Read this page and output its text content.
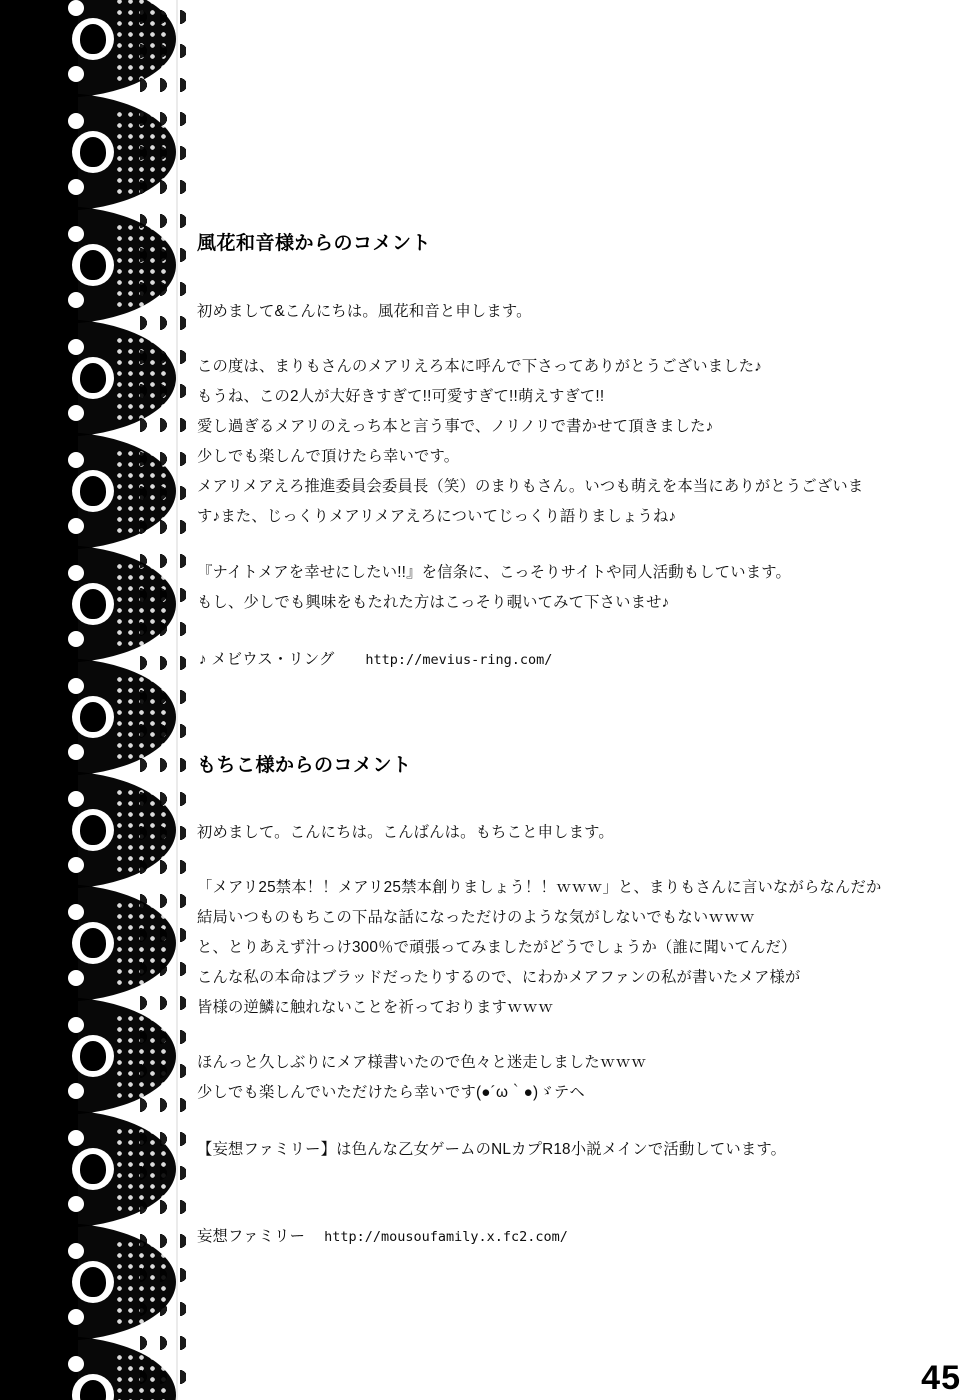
風花和音様からのコメント
初めまして&こんにちは。風花和音と申します。
この度は、まりもさんのメアリえろ本に呼んで下さってありがとうございました♪
もうね、この2人が大好きすぎて!!可愛すぎて!!萌えすぎて!!
愛し過ぎるメアリのえっち本と言う事で、ノリノリで書かせて頂きました♪
少しでも楽しんで頂けたら幸いです。
メアリメアえろ推進委員会委員長（笑）のまりもさん。いつも萌えを本当にありがとうございま
す♪また、じっくりメアリメアえろについてじっくり語りましょうね♪
『ナイトメアを幸せにしたい!!』を信条に、こっそりサイトや同人活動もしています。
もし、少しでも興味をもたれた方はこっそり覗いてみて下さいませ♪
♪ メビウス・リング http://mevius-ring.com/
もちこ様からのコメント
初めまして。こんにちは。こんばんは。もちこと申します。
「メアリ25禁本！！メアリ25禁本創りましょう！！ｗｗｗ」と、まりもさんに言いながらなんだか
結局いつものもちこの下品な話になっただけのような気がしないでもないｗｗｗ
と、とりあえず汁っけ300％で頑張ってみましたがどうでしょうか（誰に聞いてんだ）
こんな私の本命はブラッドだったりするので、にわかメアファンの私が書いたメア様が
皆様の逆鱗に触れないことを祈っておりますｗｗｗ
ほんっと久しぶりにメア様書いたので色々と迷走しましたｗｗｗ
少しでも楽しんでいただけたら幸いです(●´ω｀●)ゞテヘ
【妄想ファミリー】は色んな乙女ゲームのNLカプR18小説メインで活動しています。
妄想ファミリー http://mousoufamily.x.fc2.com/
45
